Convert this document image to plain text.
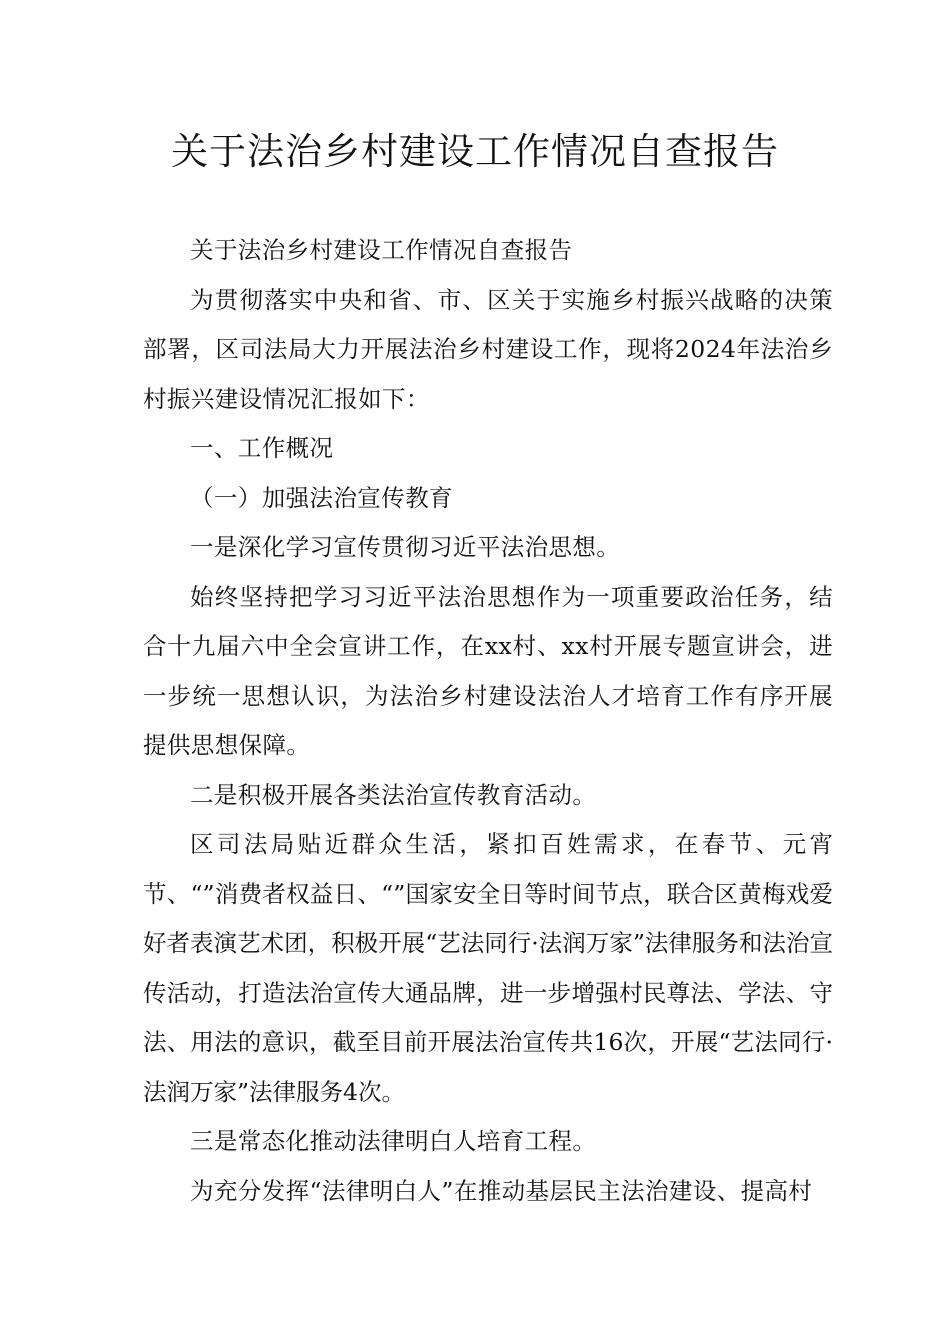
关于法治乡村建设工作情况自查报告

关于法治乡村建设工作情况自查报告

为贯彻落实中央和省、市、区关于实施乡村振兴战略的决策部署，区司法局大力开展法治乡村建设工作，现将2024年法治乡村振兴建设情况汇报如下：

一、工作概况

（一）加强法治宣传教育

一是深化学习宣传贯彻习近平法治思想。

始终坚持把学习习近平法治思想作为一项重要政治任务，结合十九届六中全会宣讲工作，在xx村、xx村开展专题宣讲会，进一步统一思想认识，为法治乡村建设法治人才培育工作有序开展提供思想保障。

二是积极开展各类法治宣传教育活动。

区司法局贴近群众生活，紧扣百姓需求，在春节、元宵节、“”消费者权益日、“”国家安全日等时间节点，联合区黄梅戏爱好者表演艺术团，积极开展“艺法同行·法润万家”法律服务和法治宣传活动，打造法治宣传大通品牌，进一步增强村民尊法、学法、守法、用法的意识，截至目前开展法治宣传共16次，开展“艺法同行·法润万家”法律服务4次。

三是常态化推动法律明白人培育工程。

为充分发挥“法律明白人”在推动基层民主法治建设、提高村
